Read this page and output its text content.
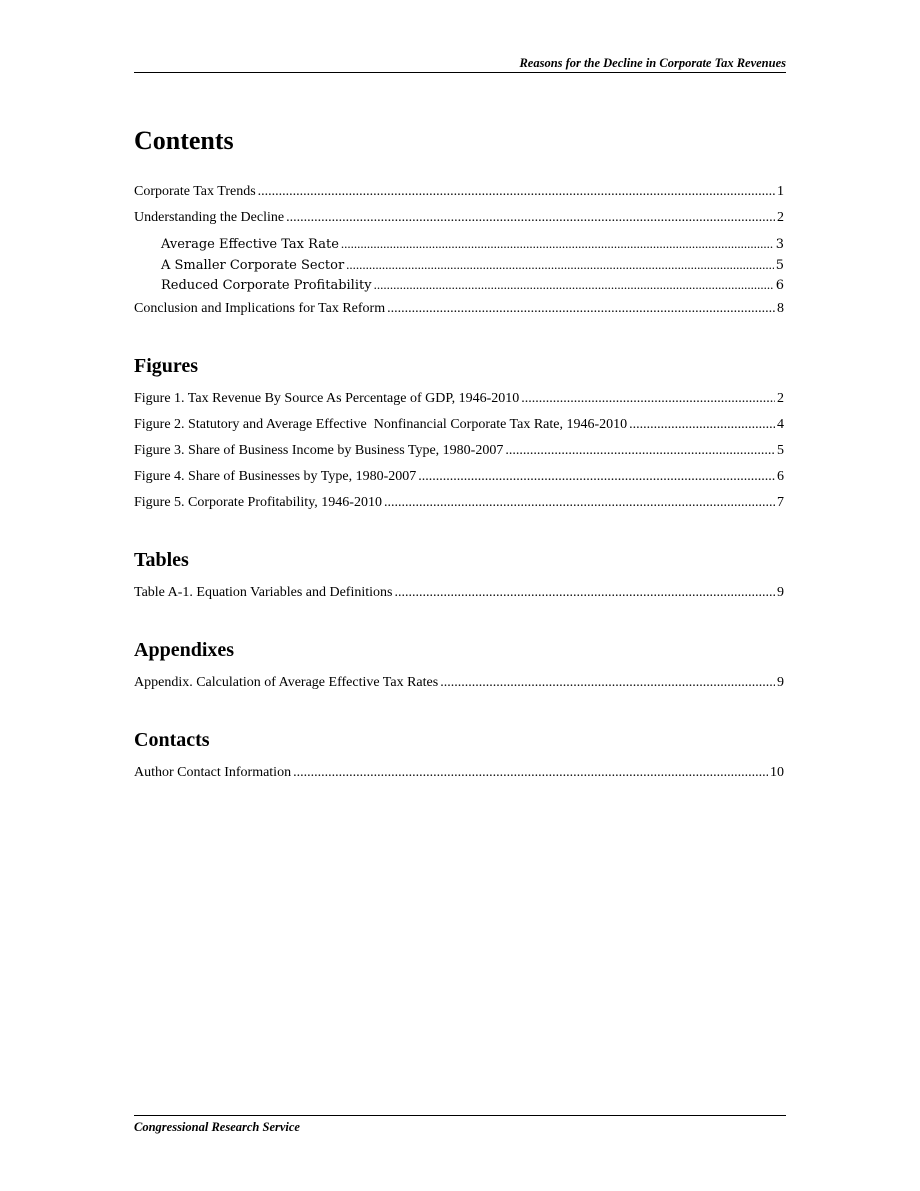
Reasons for the Decline in Corporate Tax Revenues
Contents
Corporate Tax Trends .....	1
Understanding the Decline .....	2
Average Effective Tax Rate .....	3
A Smaller Corporate Sector .....	5
Reduced Corporate Profitability .....	6
Conclusion and Implications for Tax Reform .....	8
Figures
Figure 1. Tax Revenue By Source As Percentage of GDP, 1946-2010 .....	2
Figure 2. Statutory and Average Effective  Nonfinancial Corporate Tax Rate, 1946-2010 .....	4
Figure 3. Share of Business Income by Business Type, 1980-2007 .....	5
Figure 4. Share of Businesses by Type, 1980-2007 .....	6
Figure 5. Corporate Profitability, 1946-2010 .....	7
Tables
Table A-1. Equation Variables and Definitions .....	9
Appendixes
Appendix. Calculation of Average Effective Tax Rates .....	9
Contacts
Author Contact Information .....	10
Congressional Research Service
